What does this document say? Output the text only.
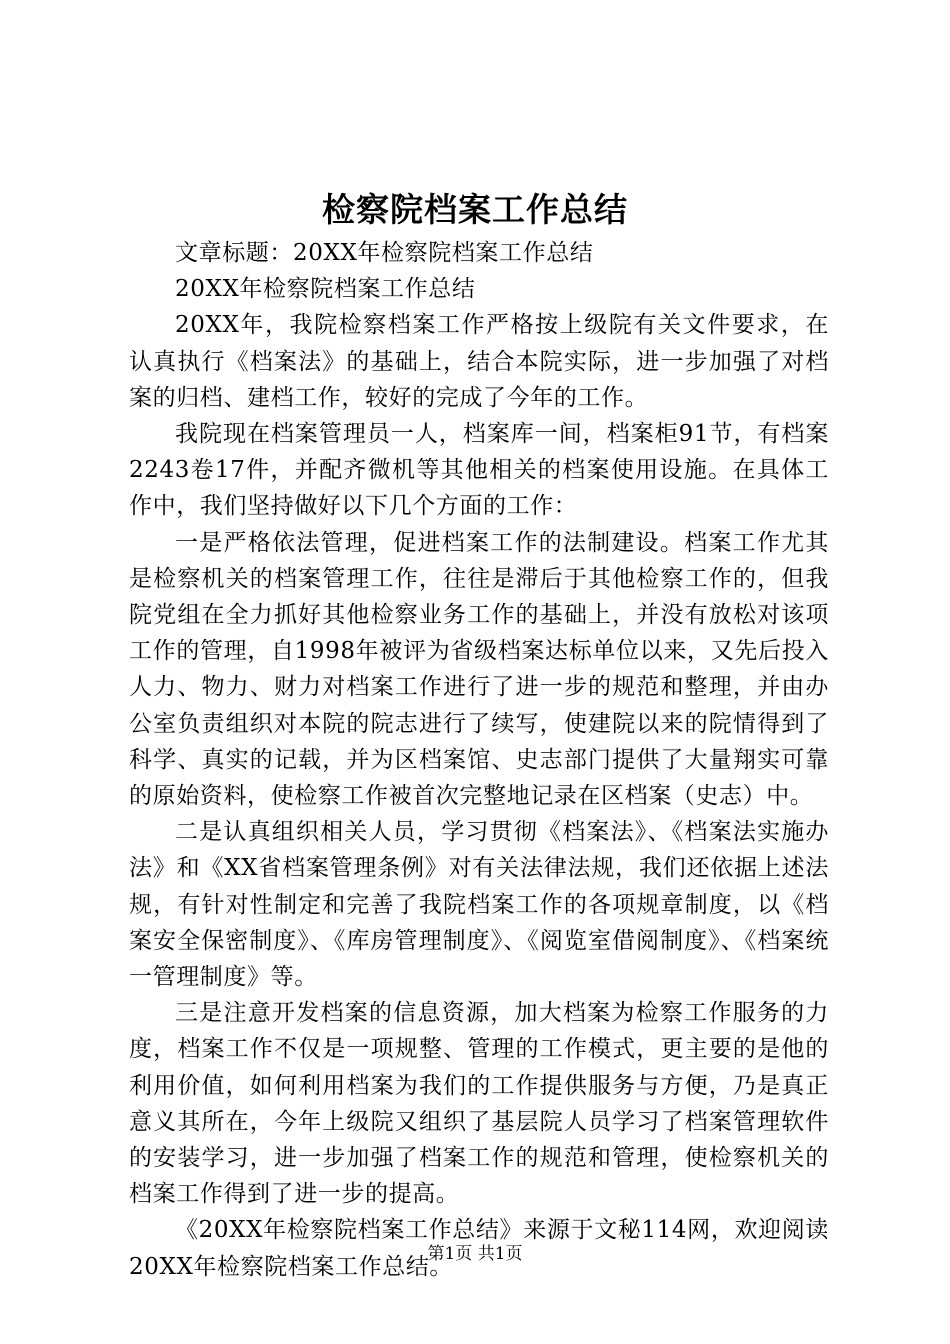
检察院档案工作总结

文章标题：20XX年检察院档案工作总结

20XX年检察院档案工作总结

20XX年，我院检察档案工作严格按上级院有关文件要求，在认真执行《档案法》的基础上，结合本院实际，进一步加强了对档案的归档、建档工作，较好的完成了今年的工作。

我院现在档案管理员一人，档案库一间，档案柜91节，有档案2243卷17件，并配齐微机等其他相关的档案使用设施。在具体工作中，我们坚持做好以下几个方面的工作：

一是严格依法管理，促进档案工作的法制建设。档案工作尤其是检察机关的档案管理工作，往往是滞后于其他检察工作的，但我院党组在全力抓好其他检察业务工作的基础上，并没有放松对该项工作的管理，自1998年被评为省级档案达标单位以来，又先后投入人力、物力、财力对档案工作进行了进一步的规范和整理，并由办公室负责组织对本院的院志进行了续写，使建院以来的院情得到了科学、真实的记载，并为区档案馆、史志部门提供了大量翔实可靠的原始资料，使检察工作被首次完整地记录在区档案（史志）中。

二是认真组织相关人员，学习贯彻《档案法》、《档案法实施办法》和《XX省档案管理条例》对有关法律法规，我们还依据上述法规，有针对性制定和完善了我院档案工作的各项规章制度，以《档案安全保密制度》、《库房管理制度》、《阅览室借阅制度》、《档案统一管理制度》等。

三是注意开发档案的信息资源，加大档案为检察工作服务的力度，档案工作不仅是一项规整、管理的工作模式，更主要的是他的利用价值，如何利用档案为我们的工作提供服务与方便，乃是真正意义其所在，今年上级院又组织了基层院人员学习了档案管理软件的安装学习，进一步加强了档案工作的规范和管理，使检察机关的档案工作得到了进一步的提高。

《20XX年检察院档案工作总结》来源于文秘114网，欢迎阅读20XX年检察院档案工作总结。

第1页 共1页
